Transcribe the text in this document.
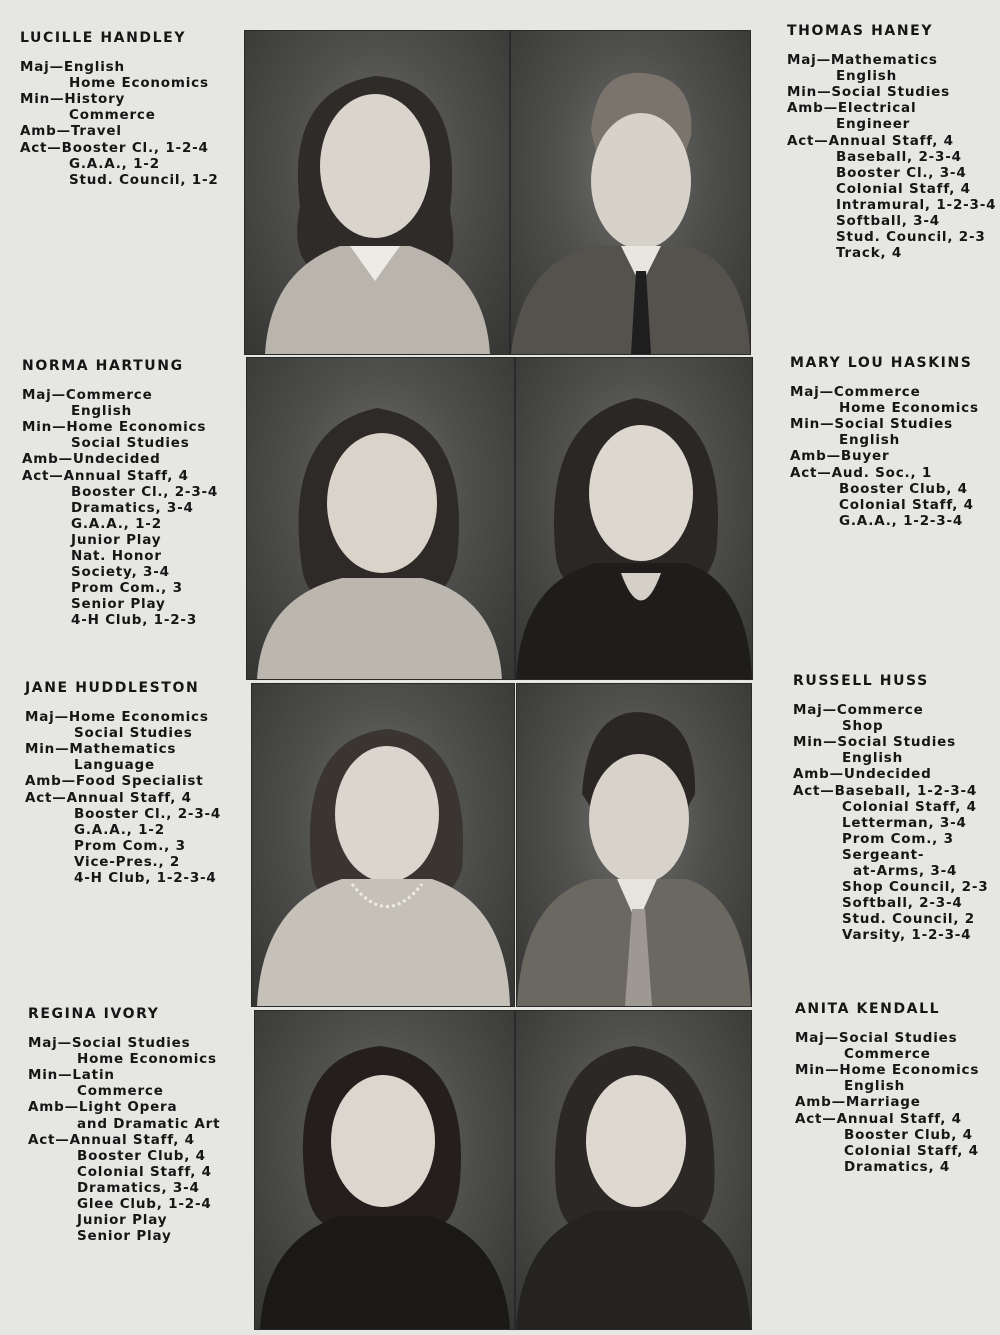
LUCILLE HANDLEY
Maj—English
Home Economics
Min—History
Commerce
Amb—Travel
Act—Booster Cl., 1-2-4
G.A.A., 1-2
Stud. Council, 1-2
THOMAS HANEY
Maj—Mathematics
English
Min—Social Studies
Amb—Electrical
Engineer
Act—Annual Staff, 4
Baseball, 2-3-4
Booster Cl., 3-4
Colonial Staff, 4
Intramural, 1-2-3-4
Softball, 3-4
Stud. Council, 2-3
Track, 4
NORMA HARTUNG
Maj—Commerce
English
Min—Home Economics
Social Studies
Amb—Undecided
Act—Annual Staff, 4
Booster Cl., 2-3-4
Dramatics, 3-4
G.A.A., 1-2
Junior Play
Nat. Honor
Society, 3-4
Prom Com., 3
Senior Play
4-H Club, 1-2-3
MARY LOU HASKINS
Maj—Commerce
Home Economics
Min—Social Studies
English
Amb—Buyer
Act—Aud. Soc., 1
Booster Club, 4
Colonial Staff, 4
G.A.A., 1-2-3-4
JANE HUDDLESTON
Maj—Home Economics
Social Studies
Min—Mathematics
Language
Amb—Food Specialist
Act—Annual Staff, 4
Booster Cl., 2-3-4
G.A.A., 1-2
Prom Com., 3
Vice-Pres., 2
4-H Club, 1-2-3-4
RUSSELL HUSS
Maj—Commerce
Shop
Min—Social Studies
English
Amb—Undecided
Act—Baseball, 1-2-3-4
Colonial Staff, 4
Letterman, 3-4
Prom Com., 3
Sergeant-
at-Arms, 3-4
Shop Council, 2-3
Softball, 2-3-4
Stud. Council, 2
Varsity, 1-2-3-4
REGINA IVORY
Maj—Social Studies
Home Economics
Min—Latin
Commerce
Amb—Light Opera
and Dramatic Art
Act—Annual Staff, 4
Booster Club, 4
Colonial Staff, 4
Dramatics, 3-4
Glee Club, 1-2-4
Junior Play
Senior Play
ANITA KENDALL
Maj—Social Studies
Commerce
Min—Home Economics
English
Amb—Marriage
Act—Annual Staff, 4
Booster Club, 4
Colonial Staff, 4
Dramatics, 4
